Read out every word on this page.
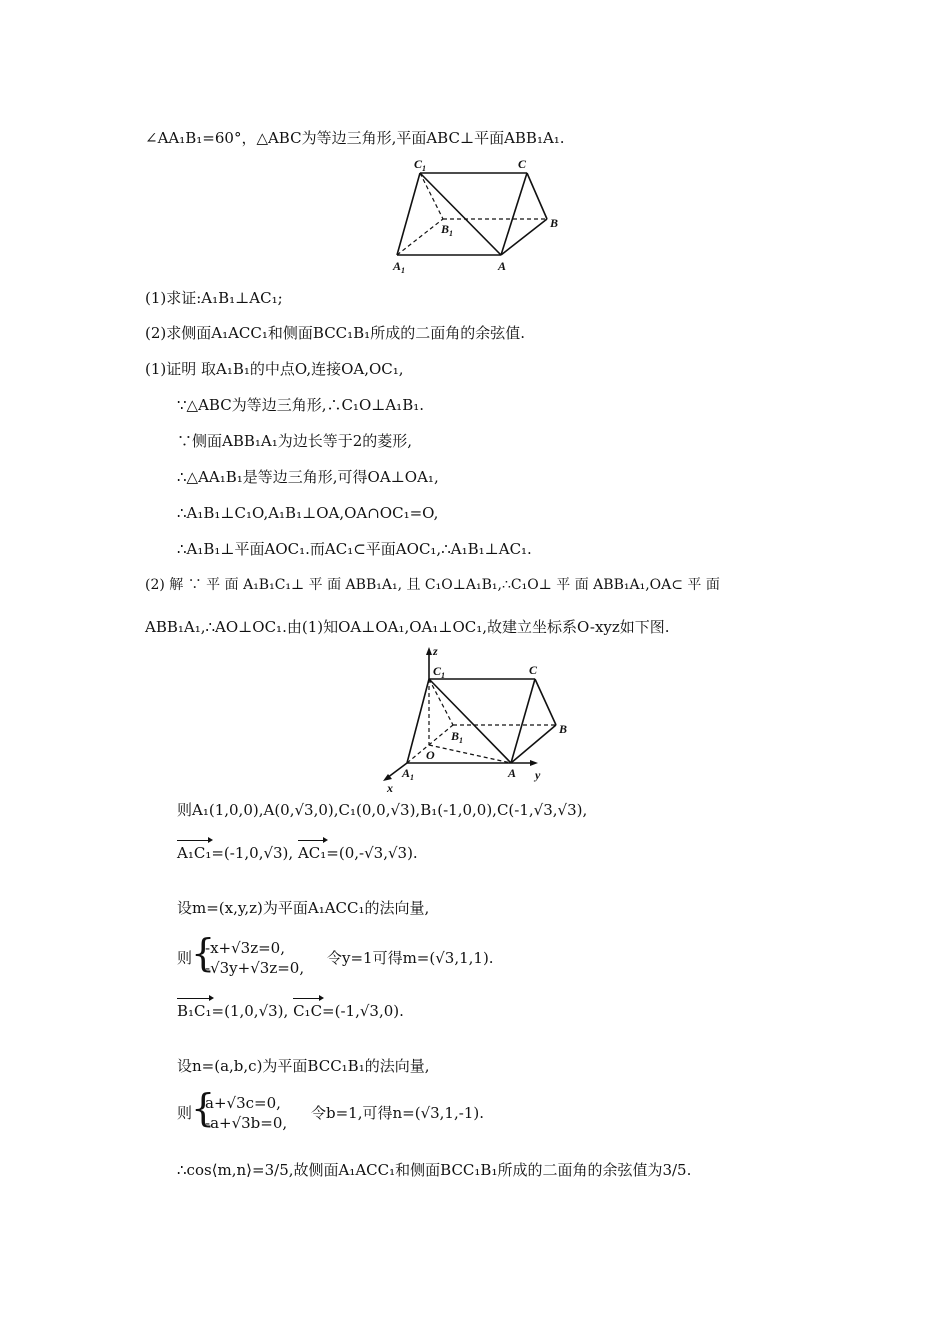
∠AA₁B₁=60°，△ABC为等边三角形,平面ABC⊥平面ABB₁A₁.
$C_1$	C
B
$B_1$
$A_1$	A
(1)求证:A₁B₁⊥AC₁;
(2)求侧面A₁ACC₁和侧面BCC₁B₁所成的二面角的余弦值.
(1)证明 取A₁B₁的中点O,连接OA,OC₁,
∵△ABC为等边三角形,∴C₁O⊥A₁B₁.
∵侧面ABB₁A₁为边长等于2的菱形,
∴△AA₁B₁是等边三角形,可得OA⊥OA₁,
∴A₁B₁⊥C₁O,A₁B₁⊥OA,OA∩OC₁=O,
∴A₁B₁⊥平面AOC₁.而AC₁⊂平面AOC₁,∴A₁B₁⊥AC₁.
(2) 解 ∵ 平 面 A₁B₁C₁⊥ 平 面 ABB₁A₁, 且 C₁O⊥A₁B₁,∴C₁O⊥ 平 面 ABB₁A₁,OA⊂ 平 面
ABB₁A₁,∴AO⊥OC₁.由(1)知OA⊥OA₁,OA₁⊥OC₁,故建立坐标系O-xyz如下图.
z
x
y
$C_1$	C
B
$B_1$
O
$A_1$	A
则A₁(1,0,0),A(0,√3,0),C₁(0,0,√3),B₁(-1,0,0),C(-1,√3,√3),
A₁C₁=(-1,0,√3), AC₁=(0,-√3,√3).
设m=(x,y,z)为平面A₁ACC₁的法向量,
则
{
-x+√3z=0,
-√3y+√3z=0,
令y=1可得m=(√3,1,1).
B₁C₁=(1,0,√3), C₁C=(-1,√3,0).
设n=(a,b,c)为平面BCC₁B₁的法向量,
则
{
a+√3c=0,
-a+√3b=0,
令b=1,可得n=(√3,1,-1).
∴cos⟨m,n⟩=3/5,故侧面A₁ACC₁和侧面BCC₁B₁所成的二面角的余弦值为3/5.
